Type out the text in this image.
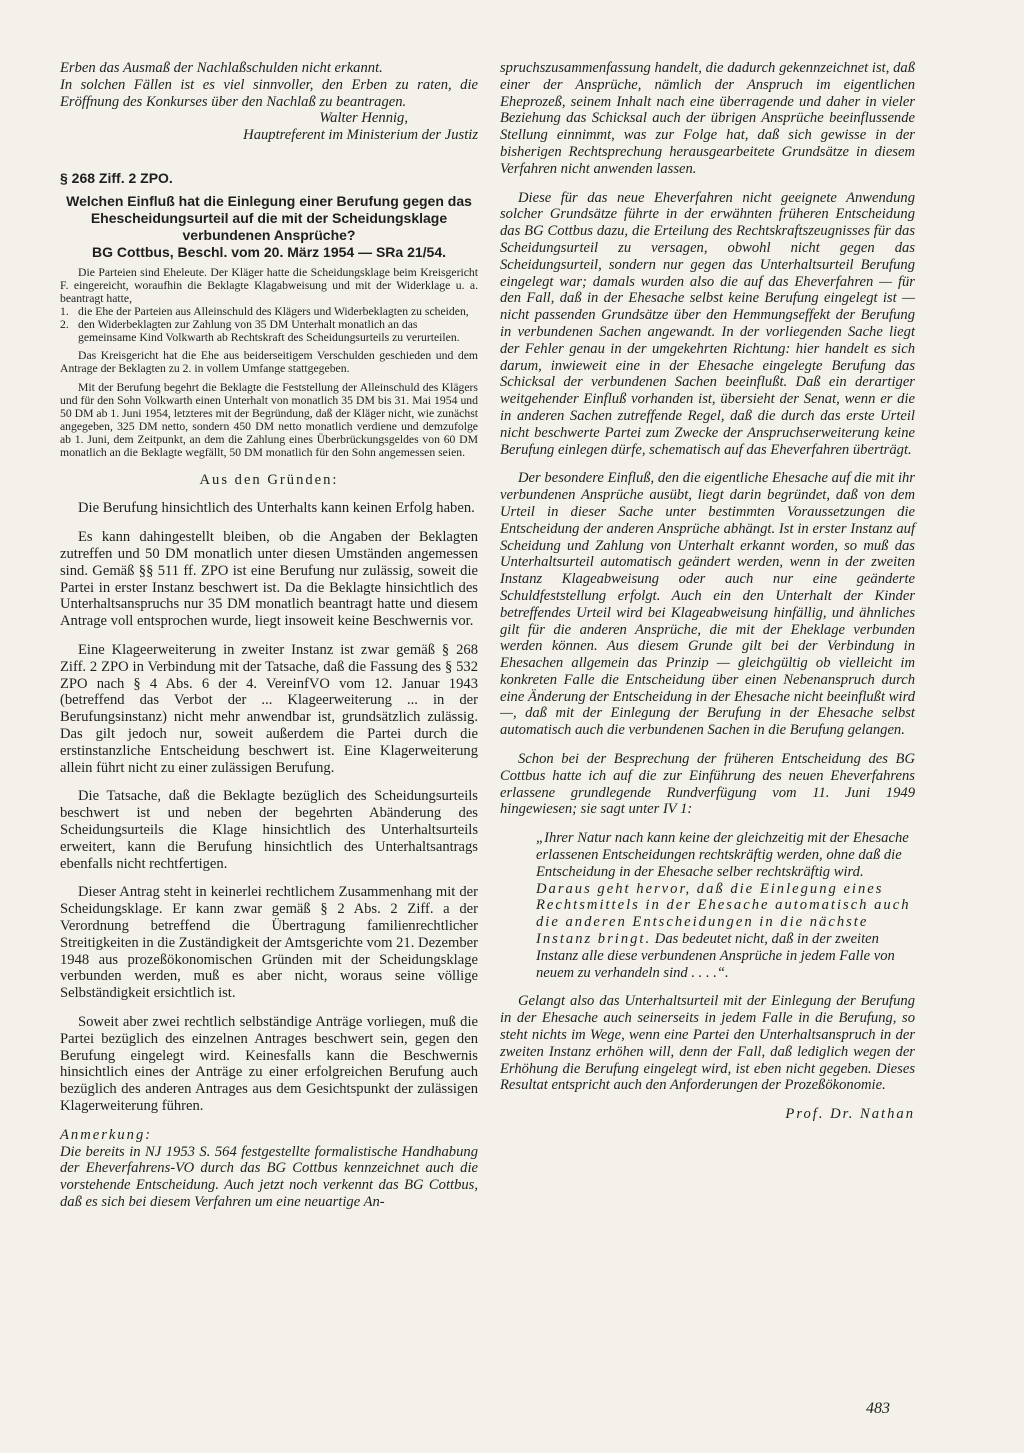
Erben das Ausmaß der Nachlaßschulden nicht erkannt.

In solchen Fällen ist es viel sinnvoller, den Erben zu raten, die Eröffnung des Konkurses über den Nachlaß zu beantragen.

Walter Hennig,

Hauptreferent im Ministerium der Justiz

§ 268 Ziff. 2 ZPO.

Welchen Einfluß hat die Einlegung einer Berufung gegen das Ehescheidungsurteil auf die mit der Scheidungsklage verbundenen Ansprüche?

BG Cottbus, Beschl. vom 20. März 1954 — SRa 21/54.

Die Parteien sind Eheleute. Der Kläger hatte die Scheidungsklage beim Kreisgericht F. eingereicht, woraufhin die Beklagte Klagabweisung und mit der Widerklage u. a. beantragt hatte,

1. die Ehe der Parteien aus Alleinschuld des Klägers und Widerbeklagten zu scheiden,
2. den Widerbeklagten zur Zahlung von 35 DM Unterhalt monatlich an das gemeinsame Kind Volkwarth ab Rechtskraft des Scheidungsurteils zu verurteilen.

Das Kreisgericht hat die Ehe aus beiderseitigem Verschulden geschieden und dem Antrage der Beklagten zu 2. in vollem Umfange stattgegeben.

Mit der Berufung begehrt die Beklagte die Feststellung der Alleinschuld des Klägers und für den Sohn Volkwarth einen Unterhalt von monatlich 35 DM bis 31. Mai 1954 und 50 DM ab 1. Juni 1954, letzteres mit der Begründung, daß der Kläger nicht, wie zunächst angegeben, 325 DM netto, sondern 450 DM netto monatlich verdiene und demzufolge ab 1. Juni, dem Zeitpunkt, an dem die Zahlung eines Überbrückungsgeldes von 60 DM monatlich an die Beklagte wegfällt, 50 DM monatlich für den Sohn angemessen seien.

Aus den Gründen:

Die Berufung hinsichtlich des Unterhalts kann keinen Erfolg haben.

Es kann dahingestellt bleiben, ob die Angaben der Beklagten zutreffen und 50 DM monatlich unter diesen Umständen angemessen sind. Gemäß §§ 511 ff. ZPO ist eine Berufung nur zulässig, soweit die Partei in erster Instanz beschwert ist. Da die Beklagte hinsichtlich des Unterhaltsanspruchs nur 35 DM monatlich beantragt hatte und diesem Antrage voll entsprochen wurde, liegt insoweit keine Beschwernis vor.

Eine Klageerweiterung in zweiter Instanz ist zwar gemäß § 268 Ziff. 2 ZPO in Verbindung mit der Tatsache, daß die Fassung des § 532 ZPO nach § 4 Abs. 6 der 4. VereinfVO vom 12. Januar 1943 (betreffend das Verbot der ... Klageerweiterung ... in der Berufungsinstanz) nicht mehr anwendbar ist, grundsätzlich zulässig. Das gilt jedoch nur, soweit außerdem die Partei durch die erstinstanzliche Entscheidung beschwert ist. Eine Klagerweiterung allein führt nicht zu einer zulässigen Berufung.

Die Tatsache, daß die Beklagte bezüglich des Scheidungsurteils beschwert ist und neben der begehrten Abänderung des Scheidungsurteils die Klage hinsichtlich des Unterhaltsurteils erweitert, kann die Berufung hinsichtlich des Unterhaltsantrags ebenfalls nicht rechtfertigen.

Dieser Antrag steht in keinerlei rechtlichem Zusammenhang mit der Scheidungsklage. Er kann zwar gemäß § 2 Abs. 2 Ziff. a der Verordnung betreffend die Übertragung familienrechtlicher Streitigkeiten in die Zuständigkeit der Amtsgerichte vom 21. Dezember 1948 aus prozeßökonomischen Gründen mit der Scheidungsklage verbunden werden, muß es aber nicht, woraus seine völlige Selbständigkeit ersichtlich ist.

Soweit aber zwei rechtlich selbständige Anträge vorliegen, muß die Partei bezüglich des einzelnen Antrages beschwert sein, gegen den Berufung eingelegt wird. Keinesfalls kann die Beschwernis hinsichtlich eines der Anträge zu einer erfolgreichen Berufung auch bezüglich des anderen Antrages aus dem Gesichtspunkt der zulässigen Klagerweiterung führen.

Anmerkung:

Die bereits in NJ 1953 S. 564 festgestellte formalistische Handhabung der Eheverfahrens-VO durch das BG Cottbus kennzeichnet auch die vorstehende Entscheidung. Auch jetzt noch verkennt das BG Cottbus, daß es sich bei diesem Verfahren um eine neuartige An-

spruchszusammenfassung handelt, die dadurch gekennzeichnet ist, daß einer der Ansprüche, nämlich der Anspruch im eigentlichen Eheprozeß, seinem Inhalt nach eine überragende und daher in vieler Beziehung das Schicksal auch der übrigen Ansprüche beeinflussende Stellung einnimmt, was zur Folge hat, daß sich gewisse in der bisherigen Rechtsprechung herausgearbeitete Grundsätze in diesem Verfahren nicht anwenden lassen.

Diese für das neue Eheverfahren nicht geeignete Anwendung solcher Grundsätze führte in der erwähnten früheren Entscheidung das BG Cottbus dazu, die Erteilung des Rechtskraftszeugnisses für das Scheidungsurteil zu versagen, obwohl nicht gegen das Scheidungsurteil, sondern nur gegen das Unterhaltsurteil Berufung eingelegt war; damals wurden also die auf das Eheverfahren — für den Fall, daß in der Ehesache selbst keine Berufung eingelegt ist — nicht passenden Grundsätze über den Hemmungseffekt der Berufung in verbundenen Sachen angewandt. In der vorliegenden Sache liegt der Fehler genau in der umgekehrten Richtung: hier handelt es sich darum, inwieweit eine in der Ehesache eingelegte Berufung das Schicksal der verbundenen Sachen beeinflußt. Daß ein derartiger weitgehender Einfluß vorhanden ist, übersieht der Senat, wenn er die in anderen Sachen zutreffende Regel, daß die durch das erste Urteil nicht beschwerte Partei zum Zwecke der Anspruchserweiterung keine Berufung einlegen dürfe, schematisch auf das Eheverfahren überträgt.

Der besondere Einfluß, den die eigentliche Ehesache auf die mit ihr verbundenen Ansprüche ausübt, liegt darin begründet, daß von dem Urteil in dieser Sache unter bestimmten Voraussetzungen die Entscheidung der anderen Ansprüche abhängt. Ist in erster Instanz auf Scheidung und Zahlung von Unterhalt erkannt worden, so muß das Unterhaltsurteil automatisch geändert werden, wenn in der zweiten Instanz Klageabweisung oder auch nur eine geänderte Schuldfeststellung erfolgt. Auch ein den Unterhalt der Kinder betreffendes Urteil wird bei Klageabweisung hinfällig, und ähnliches gilt für die anderen Ansprüche, die mit der Eheklage verbunden werden können. Aus diesem Grunde gilt bei der Verbindung in Ehesachen allgemein das Prinzip — gleichgültig ob vielleicht im konkreten Falle die Entscheidung über einen Nebenanspruch durch eine Änderung der Entscheidung in der Ehesache nicht beeinflußt wird —, daß mit der Einlegung der Berufung in der Ehesache selbst automatisch auch die verbundenen Sachen in die Berufung gelangen.

Schon bei der Besprechung der früheren Entscheidung des BG Cottbus hatte ich auf die zur Einführung des neuen Eheverfahrens erlassene grundlegende Rundverfügung vom 11. Juni 1949 hingewiesen; sie sagt unter IV 1:

„Ihrer Natur nach kann keine der gleichzeitig mit der Ehesache erlassenen Entscheidungen rechtskräftig werden, ohne daß die Entscheidung in der Ehesache selber rechtskräftig wird. Daraus geht hervor, daß die Einlegung eines Rechtsmittels in der Ehesache automatisch auch die anderen Entscheidungen in die nächste Instanz bringt. Das bedeutet nicht, daß in der zweiten Instanz alle diese verbundenen Ansprüche in jedem Falle von neuem zu verhandeln sind . . . .“.

Gelangt also das Unterhaltsurteil mit der Einlegung der Berufung in der Ehesache auch seinerseits in jedem Falle in die Berufung, so steht nichts im Wege, wenn eine Partei den Unterhaltsanspruch in der zweiten Instanz erhöhen will, denn der Fall, daß lediglich wegen der Erhöhung die Berufung eingelegt wird, ist eben nicht gegeben. Dieses Resultat entspricht auch den Anforderungen der Prozeßökonomie.

Prof. Dr. Nathan

483
